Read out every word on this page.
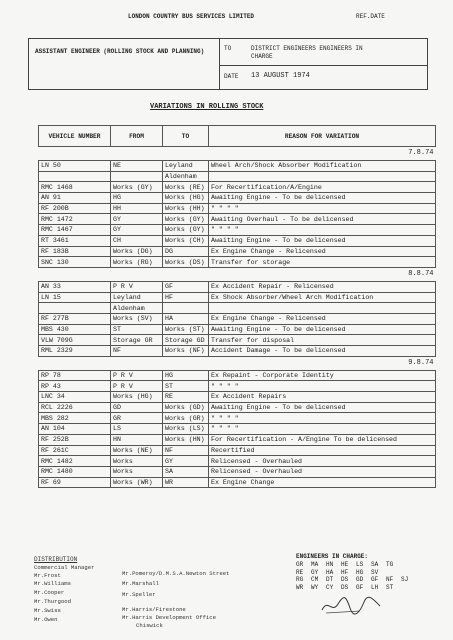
LONDON COUNTRY BUS SERVICES LIMITED	REF.DATE
ASSISTANT ENGINEER (ROLLING STOCK AND PLANNING)	TO	DISTRICT ENGINEERS ENGINEERS IN CHARGE
DATE 13 AUGUST 1974
VARIATIONS IN ROLLING STOCK
VEHICLE NUMBER	FROM	TO	REASON FOR VARIATION
7.8.74			
LN 50	NE	Leyland	Wheel Arch/Shock Absorber Modification
		Aldenham	
RMC 1468	Works (GY)	Works (RE)	For Recertification/A/Engine
AN 91	HG	Works (HG)	Awaiting Engine - To be delicensed
RF 200B	HH	Works (HH)	" " " "
RMC 1472	GY	Works (GY)	Awaiting Overhaul - To be delicensed
RMC 1467	GY	Works (GY)	" " " "
RT 3461	CH	Works (CH)	Awaiting Engine - To be delicensed
RF 183B	Works (DG)	DG	Ex Engine Change - Relicensed
SNC 130	Works (RG)	Works (DS)	Transfer for storage
8.8.74			
AN 33	P R V	GF	Ex Accident Repair - Relicensed
LN 15	Leyland	HF	Ex Shock Absorber/Wheel Arch Modification
	Aldenham		
RF 277B	Works (SV)	HA	Ex Engine Change - Relicensed
MBS 430	ST	Works (ST)	Awaiting Engine - To be delicensed
VLW 709G	Storage GR	Storage GD	Transfer for disposal
RML 2329	NF	Works (NF)	Accident Damage - To be delicensed
9.8.74			
RP 78	P R V	HG	Ex Repaint - Corporate Identity
RP 43	P R V	ST	" " " "
LNC 34	Works (HG)	RE	Ex Accident Repairs
RCL 2226	GD	Works (GD)	Awaiting Engine - To be delicensed
MBS 282	GR	Works (GR)	" " " "
AN 104	LS	Works (LS)	" " " "
RF 252B	HN	Works (HN)	For Recertification - A/Engine To be delicensed
RF 261C	Works (NE)	NF	Recertified
RMC 1482	Works	GY	Relicensed - Overhauled
RMC 1480	Works	SA	Relicensed - Overhauled
RF 69	Works (WR)	WR	Ex Engine Change
DISTRIBUTION
Commercial Manager
Mr.Frost
Mr.Williams
Mr.Cooper
Mr.Thurgood
Mr.Swiss
Mr.Owen
Mr.Pomeroy/D.M.S.A.Newton Street
Mr.Marshall
Mr.Speller
Mr.Harris/Firestone
Mr.Harris Development Office
Chiswick
ENGINEERS IN CHARGE:
GR	MA	HN	HE	LS	SA	TG
RE	GY	HA	HF	HG	SV
RG	CM	DT	DS	GD	GF	NF	SJ
WR	WY	CY	DS	GF	LH	ST
